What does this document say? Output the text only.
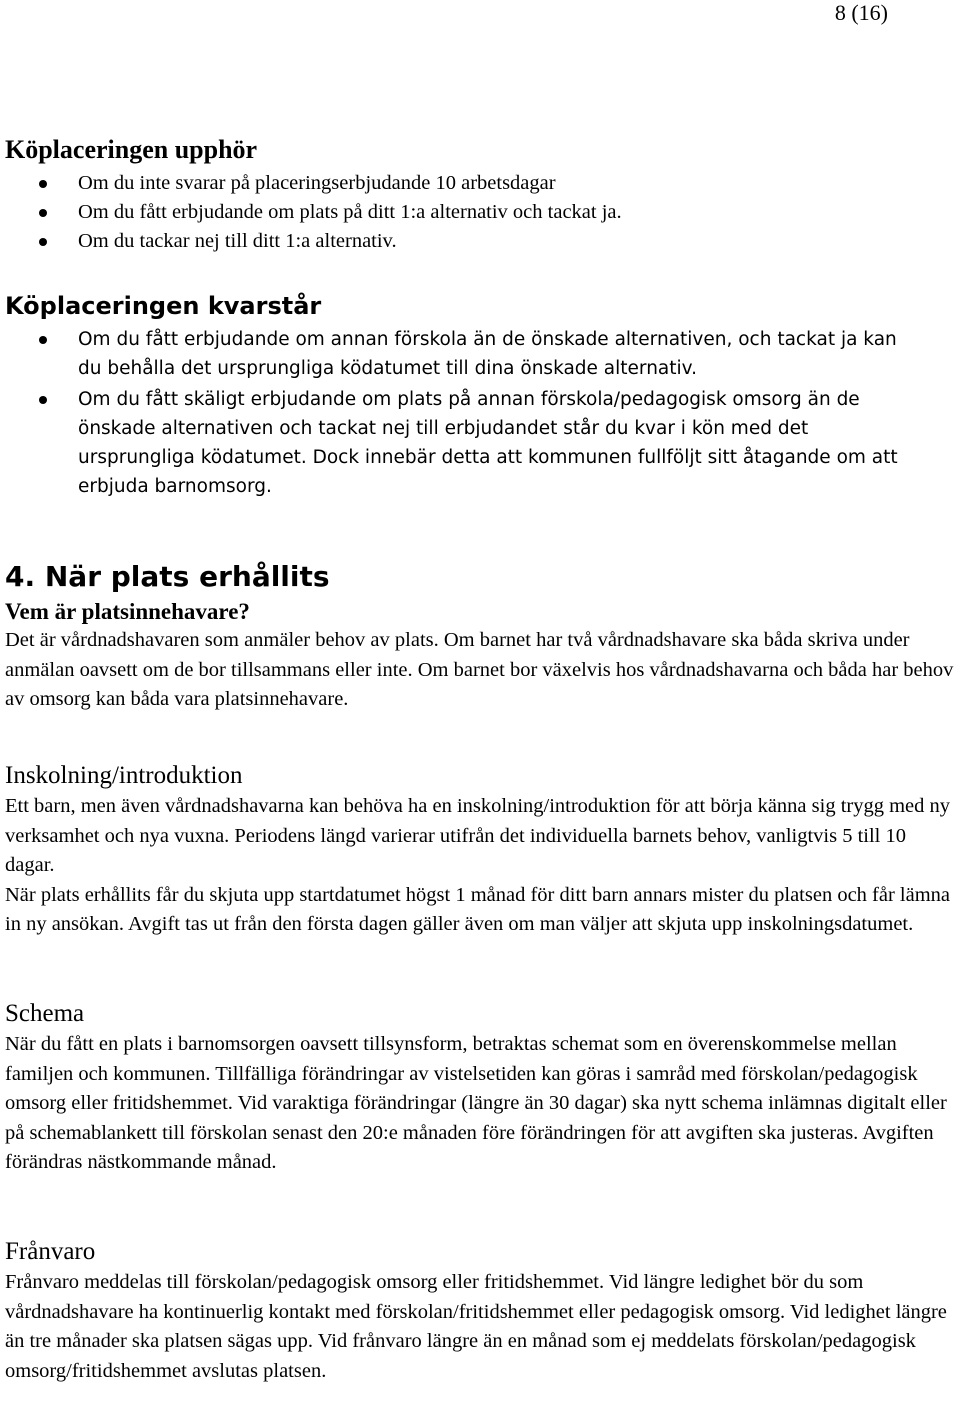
8 (16)
Köplaceringen upphör
Om du inte svarar på placeringserbjudande 10 arbetsdagar
Om du fått erbjudande om plats på ditt 1:a alternativ och tackat ja.
Om du tackar nej till ditt 1:a alternativ.
Köplaceringen kvarstår
Om du fått erbjudande om annan förskola än de önskade alternativen, och tackat ja kan du behålla det ursprungliga ködatumet till dina önskade alternativ.
Om du fått skäligt erbjudande om plats på annan förskola/pedagogisk omsorg än de önskade alternativen och tackat nej till erbjudandet står du kvar i kön med det ursprungliga ködatumet. Dock innebär detta att kommunen fullföljt sitt åtagande om att erbjuda barnomsorg.
4. När plats erhållits
Vem är platsinnehavare?

Det är vårdnadshavaren som anmäler behov av plats. Om barnet har två vårdnadshavare ska båda skriva under anmälan oavsett om de bor tillsammans eller inte. Om barnet bor växelvis hos vårdnadshavarna och båda har behov av omsorg kan båda vara platsinnehavare.

Inskolning/introduktion

Ett barn, men även vårdnadshavarna kan behöva ha en inskolning/introduktion för att börja känna sig trygg med ny verksamhet och nya vuxna. Periodens längd varierar utifrån det individuella barnets behov, vanligtvis 5 till 10 dagar.

När plats erhållits får du skjuta upp startdatumet högst 1 månad för ditt barn annars mister du platsen och får lämna in ny ansökan. Avgift tas ut från den första dagen gäller även om man väljer att skjuta upp inskolningsdatumet.

Schema

När du fått en plats i barnomsorgen oavsett tillsynsform, betraktas schemat som en överenskommelse mellan familjen och kommunen. Tillfälliga förändringar av vistelsetiden kan göras i samråd med förskolan/pedagogisk omsorg eller fritidshemmet. Vid varaktiga förändringar (längre än 30 dagar) ska nytt schema inlämnas digitalt eller på schemablankett till förskolan senast den 20:e månaden före förändringen för att avgiften ska justeras. Avgiften förändras nästkommande månad.

Frånvaro

Frånvaro meddelas till förskolan/pedagogisk omsorg eller fritidshemmet. Vid längre ledighet bör du som vårdnadshavare ha kontinuerlig kontakt med förskolan/fritidshemmet eller pedagogisk omsorg. Vid ledighet längre än tre månader ska platsen sägas upp. Vid frånvaro längre än en månad som ej meddelats förskolan/pedagogisk omsorg/fritidshemmet avslutas platsen.
